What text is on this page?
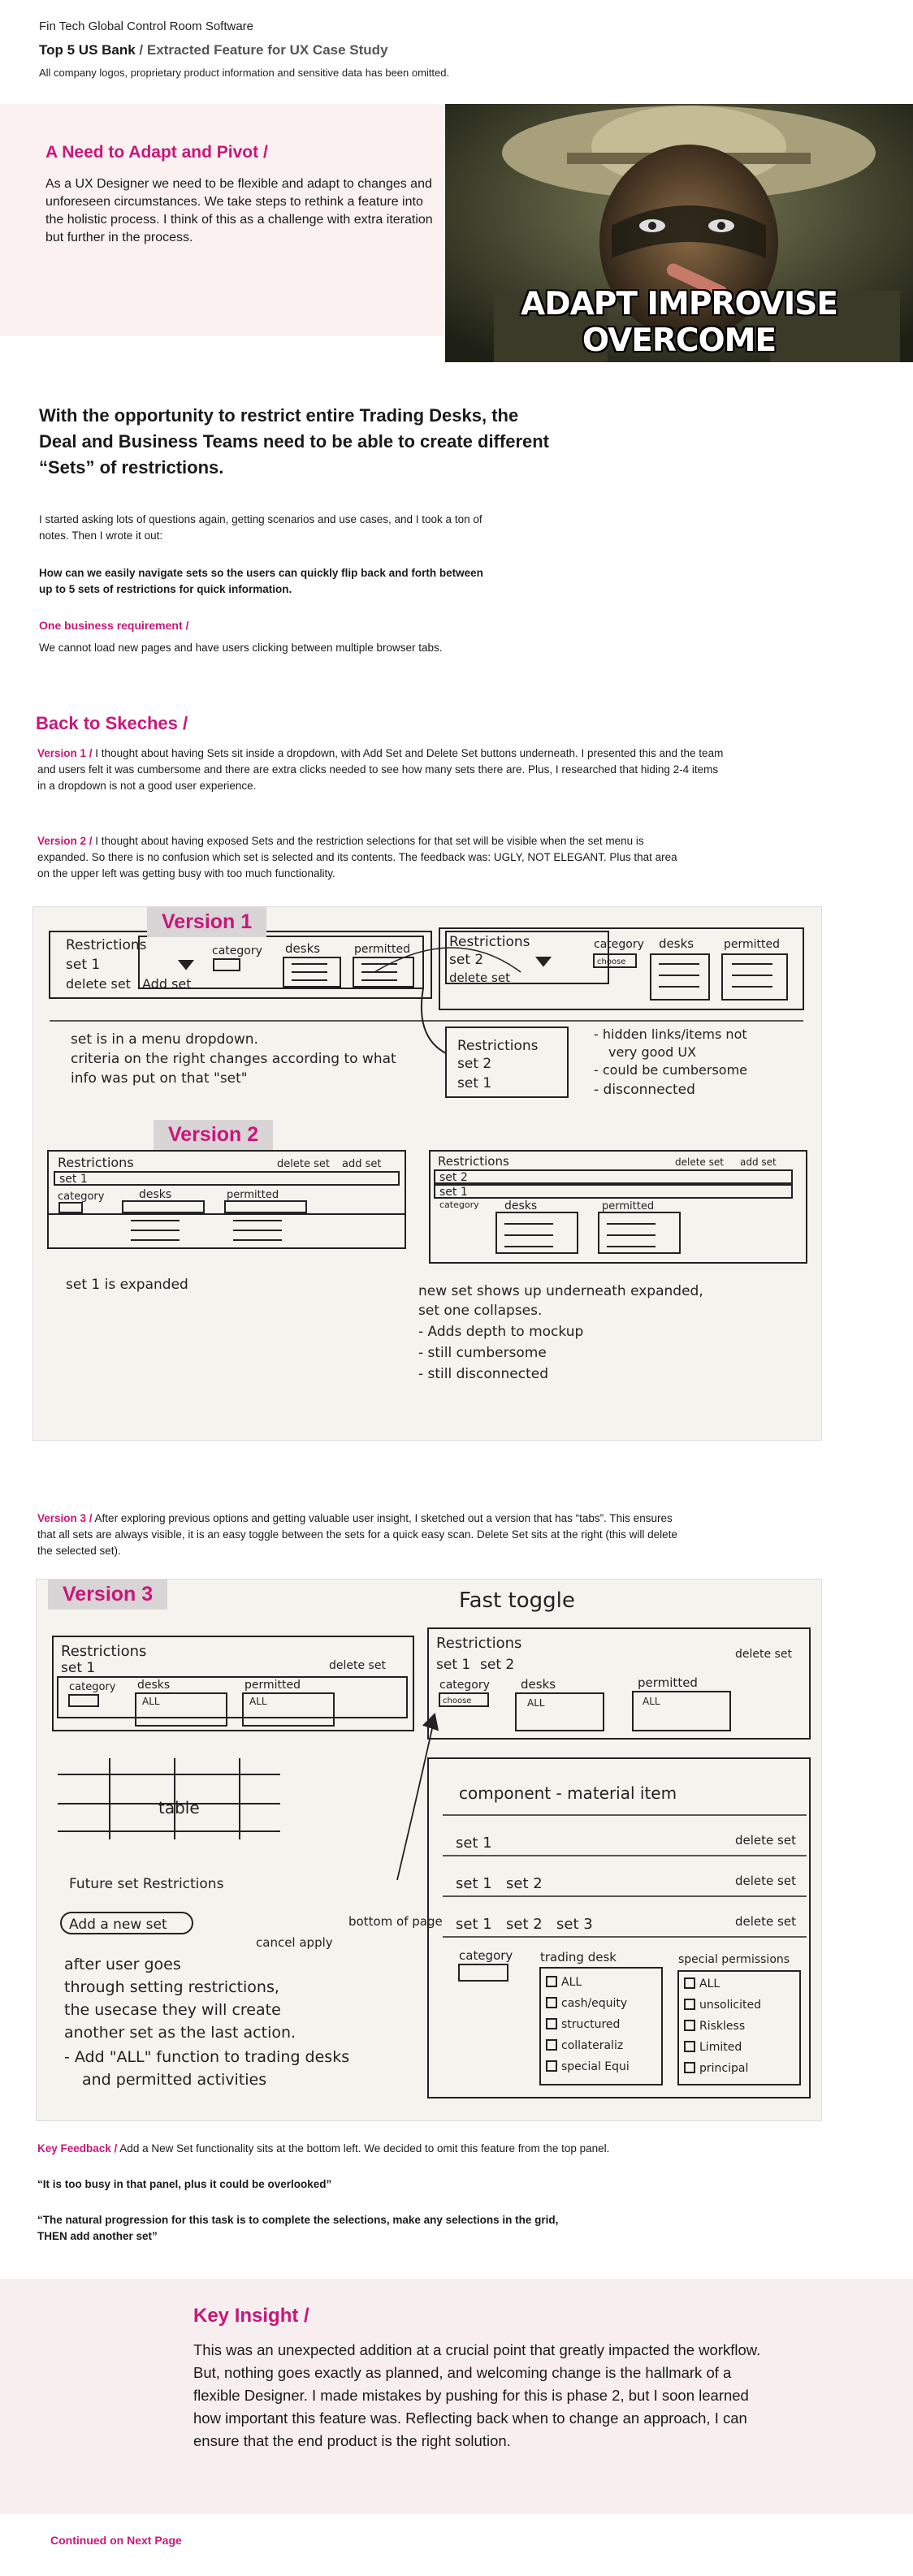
Fin Tech Global Control Room Software
Top 5 US Bank / Extracted Feature for UX Case Study
All company logos, proprietary product information and sensitive data has been omitted.
A Need to Adapt and Pivot /
As a UX Designer we need to be flexible and adapt to changes and unforeseen circumstances. We take steps to rethink a feature into the holistic process. I think of this as a challenge with extra iteration but further in the process.
ADAPT IMPROVISE OVERCOME
With the opportunity to restrict entire Trading Desks, the Deal and Business Teams need to be able to create different “Sets” of restrictions.
I started asking lots of questions again, getting scenarios and use cases, and I took a ton of notes. Then I wrote it out:
How can we easily navigate sets so the users can quickly flip back and forth between up to 5 sets of restrictions for quick information.
One business requirement /
We cannot load new pages and have users clicking between multiple browser tabs.
Back to Skeches /
Version 1 / I thought about having Sets sit inside a dropdown, with Add Set and Delete Set buttons underneath. I presented this and the team and users felt it was cumbersome and there are extra clicks needed to see how many sets there are. Plus, I researched that hiding 2-4 items in a dropdown is not a good user experience.
Version 2 / I thought about having exposed Sets and the restriction selections for that set will be visible when the set menu is expanded. So there is no confusion which set is selected and its contents. The feedback was: UGLY, NOT ELEGANT. Plus that area on the upper left was getting busy with too much functionality.
Restrictions
set 1
delete set Add set
category desks	permitted	Restrictions
set 2
delete set
category
choose
desks	permitted
set is in a menu dropdown.
criteria on the right changes according to what
info was put on that "set"
Restrictions
set 2
set 1
- hidden links/items not
very good UX
- could be cumbersome
- disconnected
Restrictions	delete set add set
set 1
category	desks	permitted
set 1 is expanded
Restrictions	delete set add set
set 2
set 1
category desks	permitted
new set shows up underneath expanded,
set one collapses.
- Adds depth to mockup
- still cumbersome
- still disconnected
Version 1
Version 2
Version 3 / After exploring previous options and getting valuable user insight, I sketched out a version that has “tabs”. This ensures that all sets are always visible, it is an easy toggle between the sets for a quick easy scan. Delete Set sits at the right (this will delete the selected set).
Fast toggle
Restrictions
set 1	delete set
category desks
ALL
permitted
ALL
Restrictions
set 1 set 2
delete set
category
choose
desks
ALL
permitted
ALL
table
Future set Restrictions
Add a new set
cancel apply
bottom of page
after user goes
through setting restrictions,
the usecase they will create
another set as the last action.
- Add "ALL" function to trading desks
and permitted activities
component - material item
set 1	delete set
set 1 set 2	delete set
set 1 set 2 set 3	delete set
category trading desk	special permissions
ALL
cash/equity
structured
collateraliz
special Equi
ALL
unsolicited
Riskless
Limited
principal
Version 3
Key Feedback / Add a New Set functionality sits at the bottom left. We decided to omit this feature from the top panel.
“It is too busy in that panel, plus it could be overlooked”
“The natural progression for this task is to complete the selections, make any selections in the grid,
THEN add another set”
Key Insight /
This was an unexpected addition at a crucial point that greatly impacted the workflow. But, nothing goes exactly as planned, and welcoming change is the hallmark of a flexible Designer. I made mistakes by pushing for this is phase 2, but I soon learned how important this feature was. Reflecting back when to change an approach, I can ensure that the end product is the right solution.
Continued on Next Page
